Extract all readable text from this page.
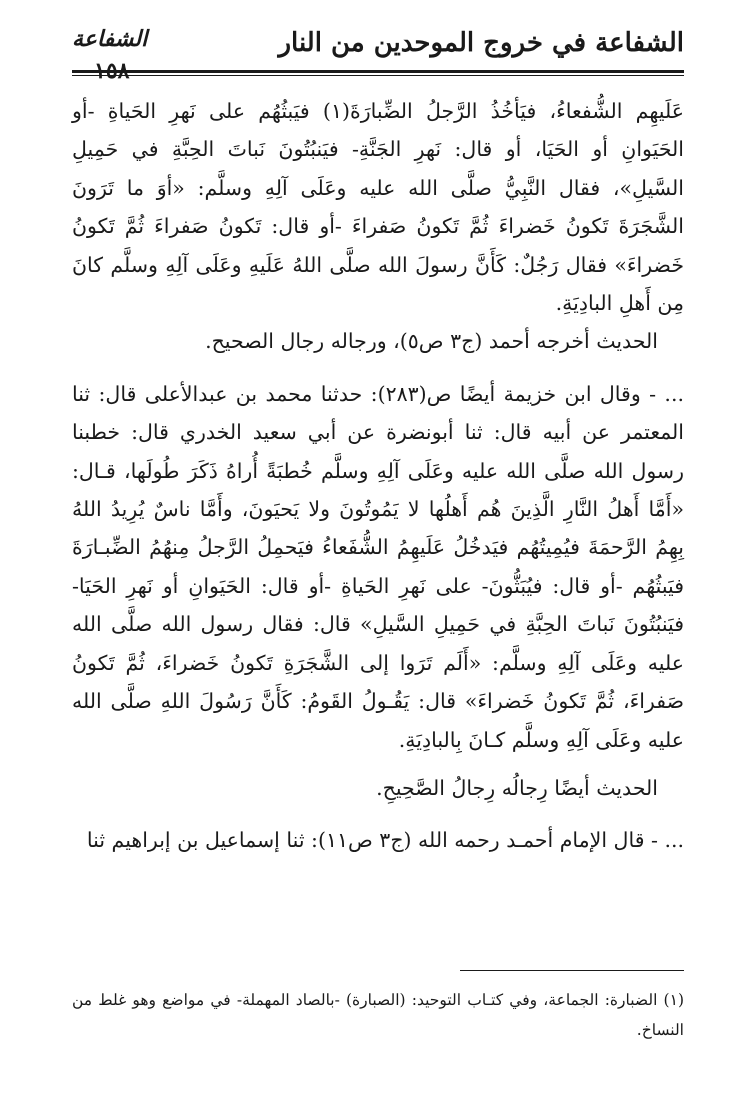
الشفاعة في خروج الموحدين من النار
الشفاعة

عَلَيهِم الشُّفعاءُ، فيَأخُذُ الرَّجلُ الضِّبارَةَ(١) فيَبثُهُم على نَهرِ الحَياةِ -أو الحَيَوانِ أو الحَيَا، أو قال: نَهرِ الجَنَّةِ- فيَنبُتُونَ نَباتَ الحِبَّةِ في حَمِيلِ السَّيلِ»، فقال النَّبِيُّ صلَّى الله عليه وعَلَى آلِهِ وسلَّم: «أوَ ما تَرَونَ الشَّجَرَةَ تَكونُ خَضراءَ ثُمَّ تَكونُ صَفراءَ -أو قال: تَكونُ صَفراءَ ثُمَّ تَكونُ خَضراءَ» فقال رَجُلٌ: كَأَنَّ رسولَ الله صلَّى اللهُ عَلَيهِ وعَلَى آلِهِ وسلَّم كانَ مِن أَهلِ البادِيَةِ.

الحديث أخرجه أحمد (ج٣ ص٥)، ورجاله رجال الصحيح.

... - وقال ابن خزيمة أيضًا ص(٢٨٣): حدثنا محمد بن عبدالأعلى قال: ثنا المعتمر عن أبيه قال: ثنا أبونضرة عن أبي سعيد الخدري قال: خطبنا رسول الله صلَّى الله عليه وعَلَى آلِهِ وسلَّم خُطبَةً أُراهُ ذَكَرَ طُولَها، قـال: «أَمَّا أَهلُ النَّارِ الَّذِينَ هُم أَهلُها لا يَمُوتُونَ ولا يَحيَونَ، وأَمَّا ناسٌ يُرِيدُ اللهُ بِهِمُ الرَّحمَةَ فيُمِيتُهُم فيَدخُلُ عَلَيهِمُ الشُّفَعاءُ فيَحمِلُ الرَّجلُ مِنهُمُ الضِّبـارَةَ فيَبثُهُم -أو قال: فيُبَثُّونَ- على نَهرِ الحَياةِ -أو قال: الحَيَوانِ أو نَهرِ الحَيَا- فيَنبُتُونَ نَباتَ الحِبَّةِ في حَمِيلِ السَّيلِ» قال: فقال رسول الله صلَّى الله عليه وعَلَى آلِهِ وسلَّم: «أَلَم تَرَوا إلى الشَّجَرَةِ تَكونُ خَضراءَ، ثُمَّ تَكونُ صَفراءَ، ثُمَّ تَكونُ خَضراءَ» قال: يَقُـولُ القَومُ: كَأَنَّ رَسُولَ اللهِ صلَّى الله عليه وعَلَى آلِهِ وسلَّم كـانَ بِالبادِيَةِ.

الحديث أيضًا رِجالُه رِجالُ الصَّحِيحِ.

... - قال الإمام أحمـد رحمه الله (ج٣ ص١١): ثنا إسماعيل بن إبراهيم ثنا

(١) الضبارة: الجماعة، وفي كتـاب التوحيد: (الصبارة) -بالصاد المهملة- في مواضع وهو غلط من النساخ.
